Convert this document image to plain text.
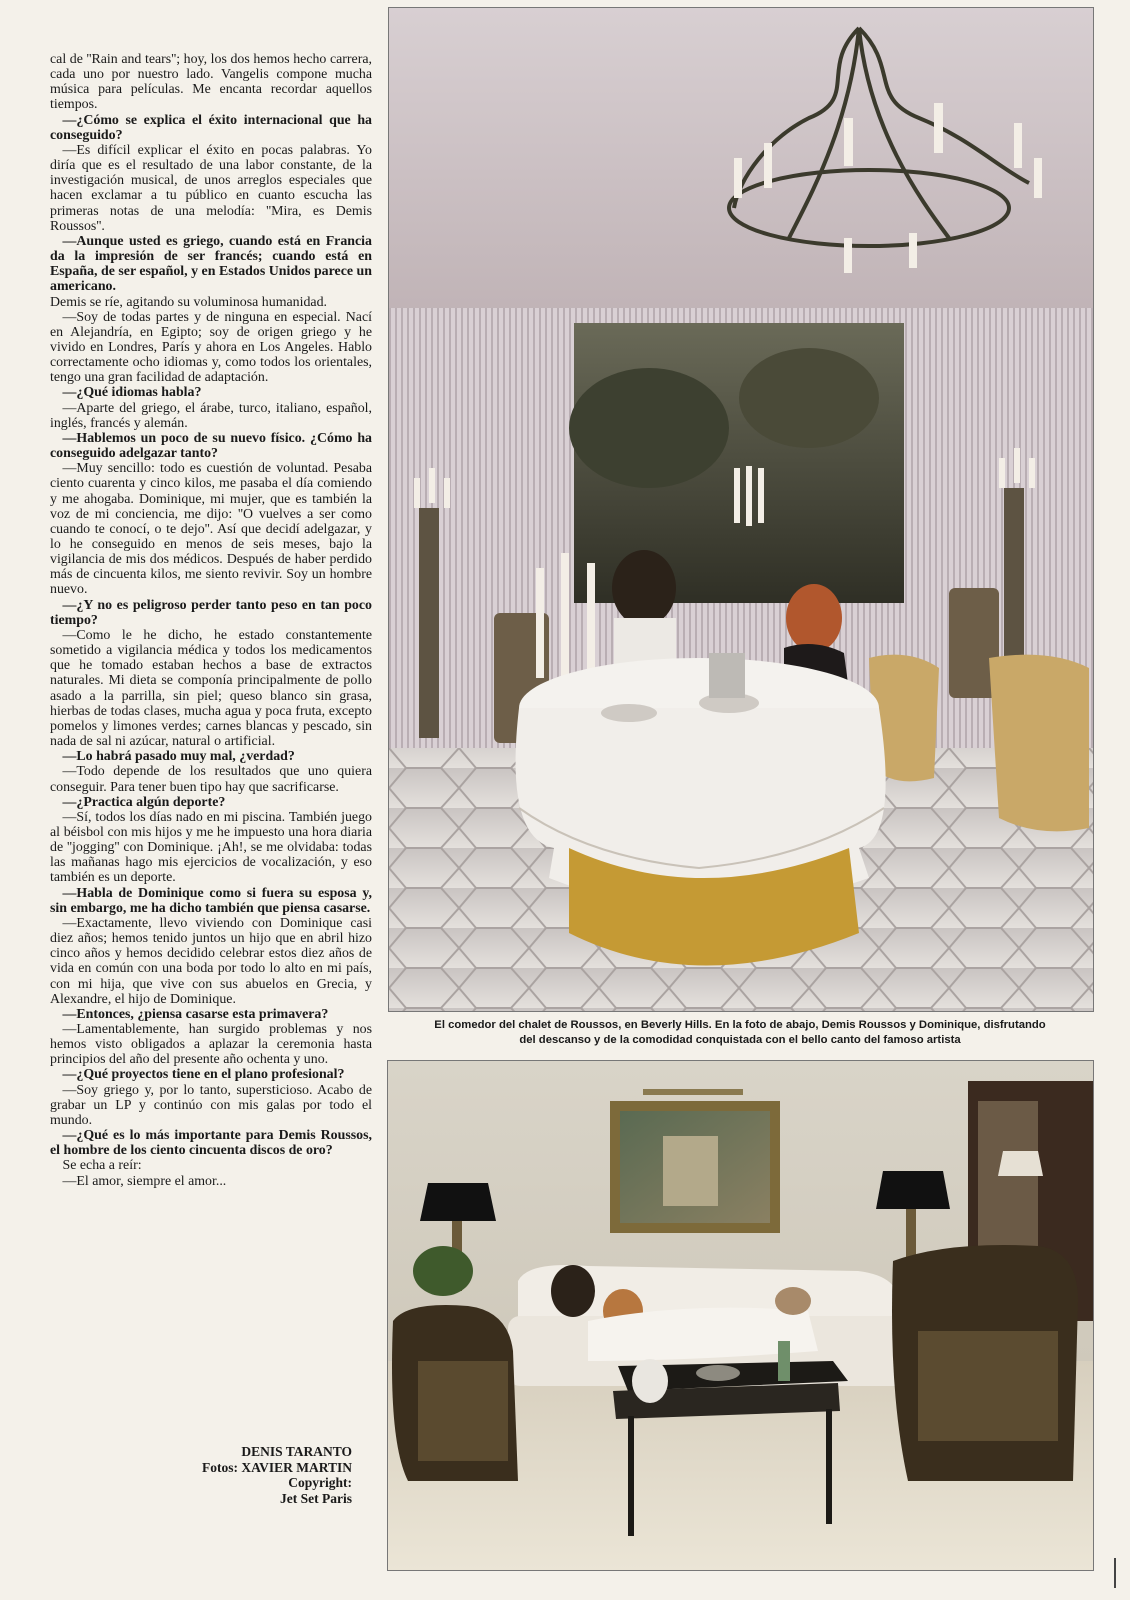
cal de ''Rain and tears''; hoy, los dos hemos hecho carrera, cada uno por nuestro lado. Vangelis compone mucha música para películas. Me encanta recordar aquellos tiempos.

—¿Cómo se explica el éxito internacional que ha conseguido?

—Es difícil explicar el éxito en pocas palabras. Yo diría que es el resultado de una labor constante, de la investigación musical, de unos arreglos especiales que hacen exclamar a tu público en cuanto escucha las primeras notas de una melodía: ''Mira, es Demis Roussos''.

—Aunque usted es griego, cuando está en Francia da la impresión de ser francés; cuando está en España, de ser español, y en Estados Unidos parece un americano.

Demis se ríe, agitando su voluminosa humanidad.

—Soy de todas partes y de ninguna en especial. Nací en Alejandría, en Egipto; soy de origen griego y he vivido en Londres, París y ahora en Los Angeles. Hablo correctamente ocho idiomas y, como todos los orientales, tengo una gran facilidad de adaptación.

—¿Qué idiomas habla?

—Aparte del griego, el árabe, turco, italiano, español, inglés, francés y alemán.

—Hablemos un poco de su nuevo físico. ¿Cómo ha conseguido adelgazar tanto?

—Muy sencillo: todo es cuestión de voluntad. Pesaba ciento cuarenta y cinco kilos, me pasaba el día comiendo y me ahogaba. Dominique, mi mujer, que es también la voz de mi conciencia, me dijo: ''O vuelves a ser como cuando te conocí, o te dejo''. Así que decidí adelgazar, y lo he conseguido en menos de seis meses, bajo la vigilancia de mis dos médicos. Después de haber perdido más de cincuenta kilos, me siento revivir. Soy un hombre nuevo.

—¿Y no es peligroso perder tanto peso en tan poco tiempo?

—Como le he dicho, he estado constantemente sometido a vigilancia médica y todos los medicamentos que he tomado estaban hechos a base de extractos naturales. Mi dieta se componía principalmente de pollo asado a la parrilla, sin piel; queso blanco sin grasa, hierbas de todas clases, mucha agua y poca fruta, excepto pomelos y limones verdes; carnes blancas y pescado, sin nada de sal ni azúcar, natural o artificial.

—Lo habrá pasado muy mal, ¿verdad?

—Todo depende de los resultados que uno quiera conseguir. Para tener buen tipo hay que sacrificarse.

—¿Practica algún deporte?

—Sí, todos los días nado en mi piscina. También juego al béisbol con mis hijos y me he impuesto una hora diaria de ''jogging'' con Dominique. ¡Ah!, se me olvidaba: todas las mañanas hago mis ejercicios de vocalización, y eso también es un deporte.

—Habla de Dominique como si fuera su esposa y, sin embargo, me ha dicho también que piensa casarse.

—Exactamente, llevo viviendo con Dominique casi diez años; hemos tenido juntos un hijo que en abril hizo cinco años y hemos decidido celebrar estos diez años de vida en común con una boda por todo lo alto en mi país, con mi hija, que vive con sus abuelos en Grecia, y Alexandre, el hijo de Dominique.

—Entonces, ¿piensa casarse esta primavera?

—Lamentablemente, han surgido problemas y nos hemos visto obligados a aplazar la ceremonia hasta principios del año del presente año ochenta y uno.

—¿Qué proyectos tiene en el plano profesional?

—Soy griego y, por lo tanto, supersticioso. Acabo de grabar un LP y continúo con mis galas por todo el mundo.

—¿Qué es lo más importante para Demis Roussos, el hombre de los ciento cincuenta discos de oro?

Se echa a reír:

—El amor, siempre el amor...

DENIS TARANTO
Fotos: XAVIER MARTIN
Copyright:
Jet Set Paris
El comedor del chalet de Roussos, en Beverly Hills. En la foto de abajo, Demis Roussos y Dominique, disfrutando
del descanso y de la comodidad conquistada con el bello canto del famoso artista
